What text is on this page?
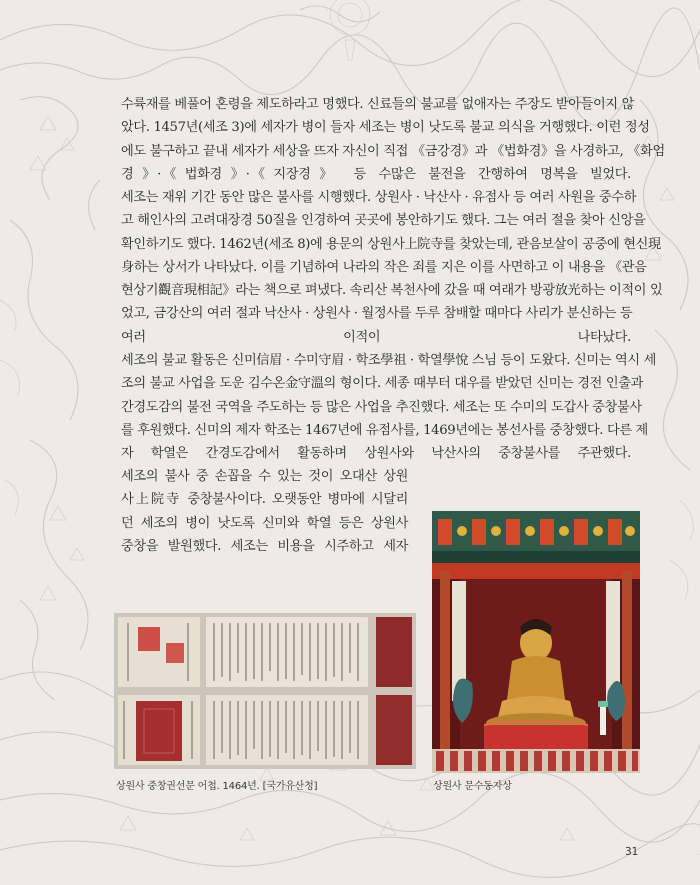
수륙재를 베풀어 혼령을 제도하라고 명했다. 신료들의 불교를 없애자는 주장도 받아들이지 않
았다. 1457년(세조 3)에 세자가 병이 들자 세조는 병이 낫도록 불교 의식을 거행했다. 이런 정성
에도 불구하고 끝내 세자가 세상을 뜨자 자신이 직접 《금강경》과 《법화경》을 사경하고, 《화엄
경》·《법화경》·《지장경》 등 수많은 불전을 간행하여 명복을 빌었다.

세조는 재위 기간 동안 많은 불사를 시행했다. 상원사 · 낙산사 · 유점사 등 여러 사원을 중수하
고 해인사의 고려대장경 50질을 인경하여 곳곳에 봉안하기도 했다. 그는 여러 절을 찾아 신앙을
확인하기도 했다. 1462년(세조 8)에 용문의 상원사上院寺를 찾았는데, 관음보살이 공중에 현신現
身하는 상서가 나타났다. 이를 기념하여 나라의 작은 죄를 지은 이를 사면하고 이 내용을 《관음
현상기觀音現相記》라는 책으로 펴냈다. 속리산 복천사에 갔을 때 여래가 방광放光하는 이적이 있
었고, 금강산의 여러 절과 낙산사 · 상원사 · 월정사를 두루 참배할 때마다 사리가 분신하는 등
여러 이적이 나타났다.

세조의 불교 활동은 신미信眉 · 수미守眉 · 학조學祖 · 학열學悅 스님 등이 도왔다. 신미는 역시 세
조의 불교 사업을 도운 김수온金守溫의 형이다. 세종 때부터 대우를 받았던 신미는 경전 인출과
간경도감의 불전 국역을 주도하는 등 많은 사업을 추진했다. 세조는 또 수미의 도갑사 중창불사
를 후원했다. 신미의 제자 학조는 1467년에 유점사를, 1469년에는 봉선사를 중창했다. 다른 제
자 학열은 간경도감에서 활동하며 상원사와 낙산사의 중창불사를 주관했다.

세조의 불사 중 손꼽을 수 있는 것이 오대산 상원
사上院寺 중창불사이다. 오랫동안 병마에 시달리
던 세조의 병이 낫도록 신미와 학열 등은 상원사
중창을 발원했다. 세조는 비용을 시주하고 세자

상원사 중창권선문 어첩. 1464년. [국가유산청]	상원사 문수동자상

31
